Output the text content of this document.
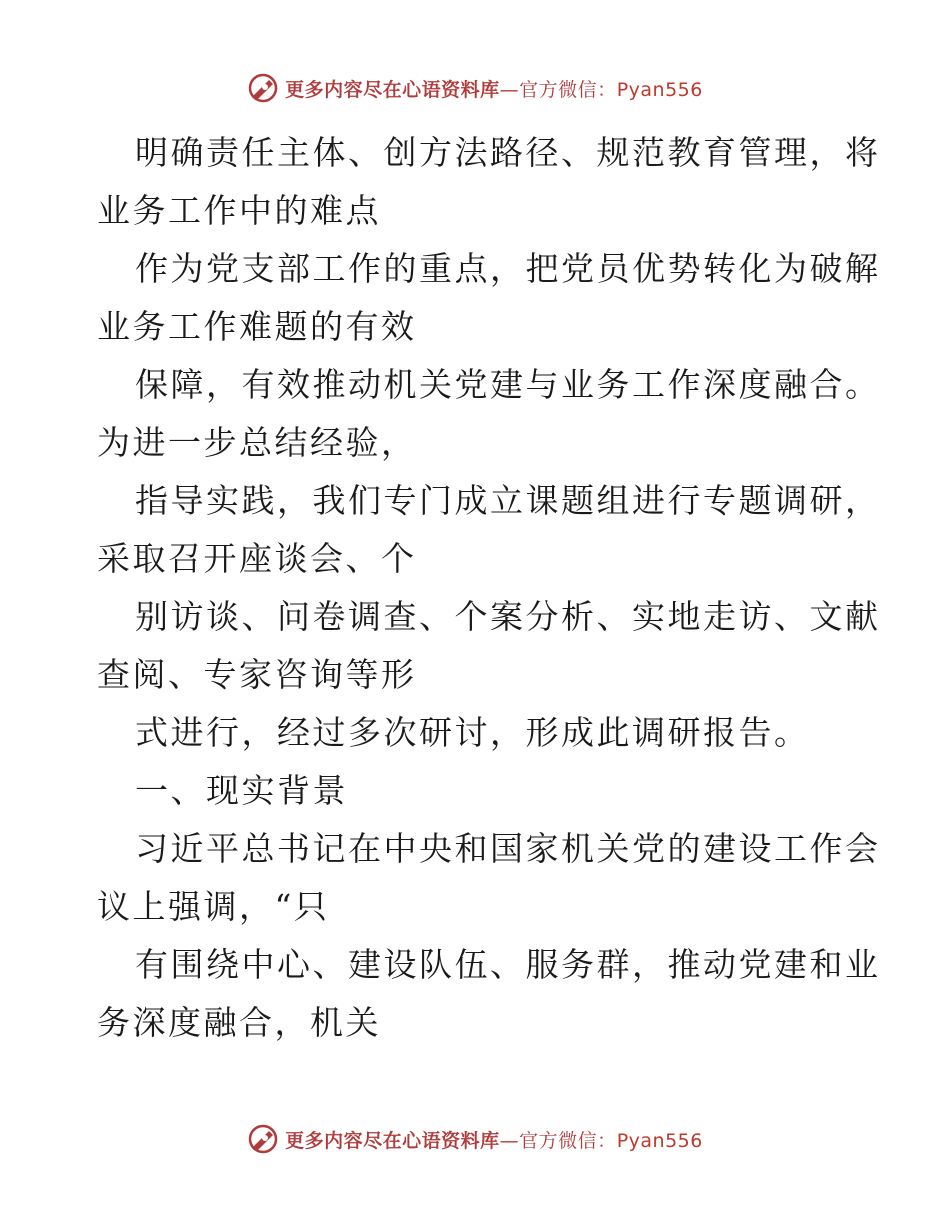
更多内容尽在心语资料库—官方微信：Pyan556
明确责任主体、创方法路径、规范教育管理，将
业务工作中的难点
作为党支部工作的重点，把党员优势转化为破解
业务工作难题的有效
保障，有效推动机关党建与业务工作深度融合。
为进一步总结经验，
指导实践，我们专门成立课题组进行专题调研，
采取召开座谈会、个
别访谈、问卷调查、个案分析、实地走访、文献
查阅、专家咨询等形
式进行，经过多次研讨，形成此调研报告。
一、现实背景
习近平总书记在中央和国家机关党的建设工作会
议上强调，“只
有围绕中心、建设队伍、服务群，推动党建和业
务深度融合，机关
更多内容尽在心语资料库—官方微信：Pyan556
